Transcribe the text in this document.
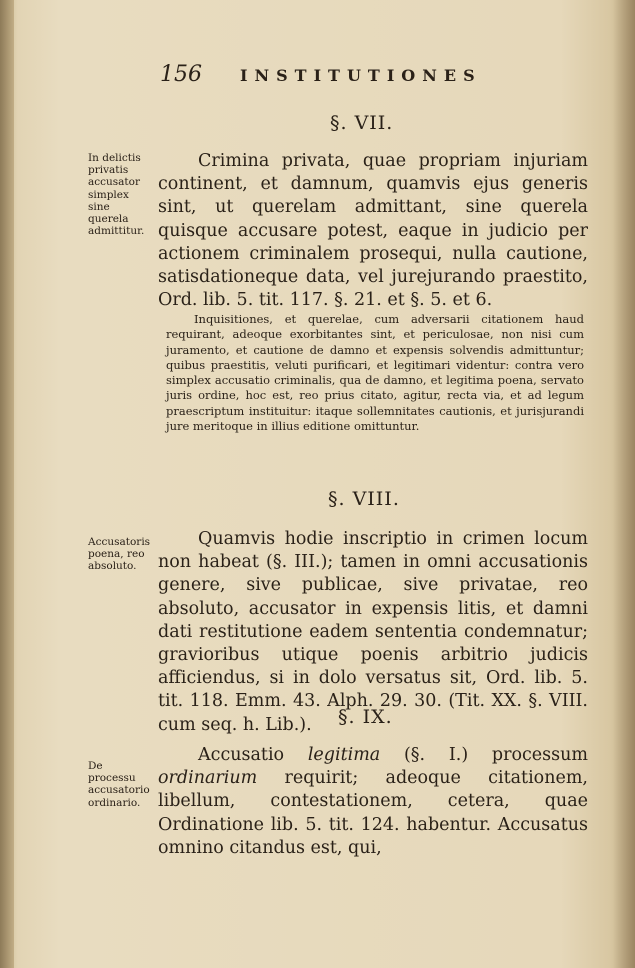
156 INSTITUTIONES
§. VII.
In delictis privatis accusator simplex sine querela admittitur.
Crimina privata, quae propriam injuriam continent, et damnum, quamvis ejus generis sint, ut querelam admittant, sine querela quisque accusare potest, eaque in judicio per actionem criminalem prosequi, nulla cautione, satisdationeque data, vel jurejurando praestito, Ord. lib. 5. tit. 117. §. 21. et §. 5. et 6.
Inquisitiones, et querelae, cum adversarii citationem haud requirant, adeoque exorbitantes sint, et periculosae, non nisi cum juramento, et cautione de damno et expensis solvendis admittuntur; quibus praestitis, veluti purificari, et legitimari videntur: contra vero simplex accusatio criminalis, qua de damno, et legitima poena, servato juris ordine, hoc est, reo prius citato, agitur, recta via, et ad legum praescriptum instituitur: itaque sollemnitates cautionis, et jurisjurandi jure meritoque in illius editione omittuntur.
§. VIII.
Accusatoris poena, reo absoluto.
Quamvis hodie inscriptio in crimen locum non habeat (§. III.); tamen in omni accusationis genere, sive publicae, sive privatae, reo absoluto, accusator in expensis litis, et damni dati restitutione eadem sententia condemnatur; gravioribus utique poenis arbitrio judicis afficiendus, si in dolo versatus sit, Ord. lib. 5. tit. 118. Emm. 43. Alph. 29. 30. (Tit. XX. §. VIII. cum seq. h. Lib.).	§. IX.
De processu accusatorio ordinario.
Accusatio legitima (§. I.) processum ordinarium requirit; adeoque citationem, libellum, contestationem, cetera, quae Ordinatione lib. 5. tit. 124. habentur. Accusatus omnino citandus est, qui,
